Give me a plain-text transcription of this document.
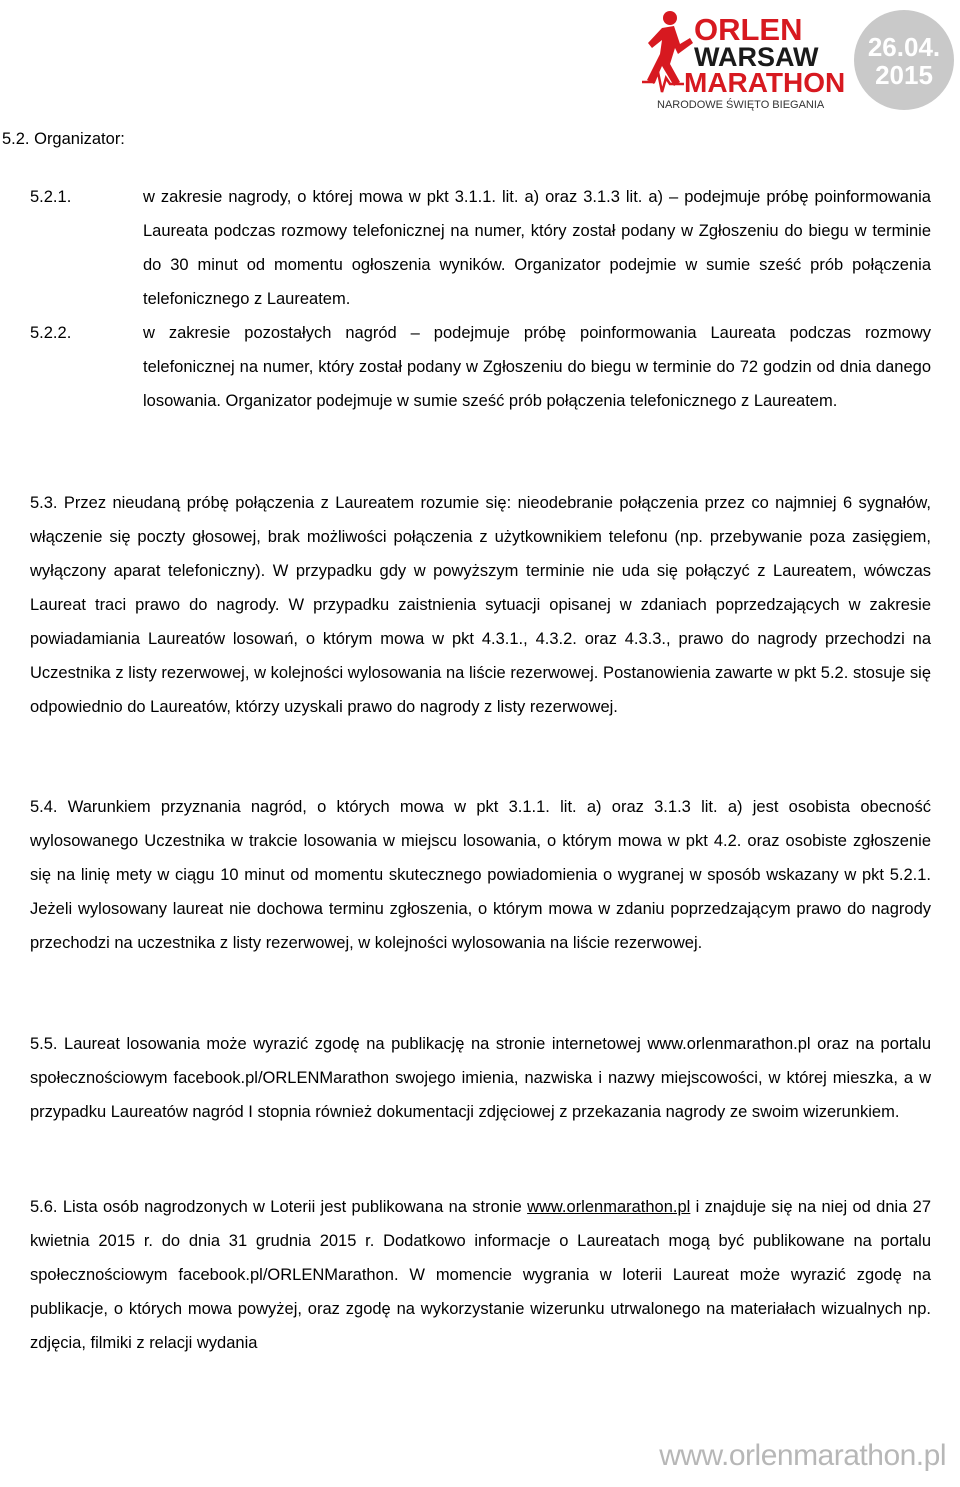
ORLEN
WARSAW
MARATHON
NARODOWE ŚWIĘTO BIEGANIA
26.04.
2015
5.2. Organizator:
5.2.1.	w zakresie nagrody, o której mowa w pkt 3.1.1. lit. a) oraz 3.1.3 lit. a) – podejmuje próbę poinformowania Laureata podczas rozmowy telefonicznej na numer, który został podany w Zgłoszeniu do biegu w terminie do 30 minut od momentu ogłoszenia wyników. Organizator podejmie w sumie sześć prób połączenia telefonicznego z Laureatem.
5.2.2.	w zakresie pozostałych nagród – podejmuje próbę poinformowania Laureata podczas rozmowy telefonicznej na numer, który został podany w Zgłoszeniu do biegu w terminie do 72 godzin od dnia danego losowania. Organizator podejmuje w sumie sześć prób połączenia telefonicznego z Laureatem.
5.3. Przez nieudaną próbę połączenia z Laureatem rozumie się: nieodebranie połączenia przez co najmniej 6 sygnałów, włączenie się poczty głosowej, brak możliwości połączenia z użytkownikiem telefonu (np. przebywanie poza zasięgiem, wyłączony aparat telefoniczny). W przypadku gdy w powyższym terminie nie uda się połączyć z Laureatem, wówczas Laureat traci prawo do nagrody. W przypadku zaistnienia sytuacji opisanej w zdaniach poprzedzających w zakresie powiadamiania Laureatów losowań, o którym mowa w pkt 4.3.1., 4.3.2. oraz 4.3.3., prawo do nagrody przechodzi na Uczestnika z listy rezerwowej, w kolejności wylosowania na liście rezerwowej. Postanowienia zawarte w pkt 5.2. stosuje się odpowiednio do Laureatów, którzy uzyskali prawo do nagrody z listy rezerwowej.
5.4. Warunkiem przyznania nagród, o których mowa w pkt 3.1.1. lit. a) oraz 3.1.3 lit. a) jest osobista obecność wylosowanego Uczestnika w trakcie losowania w miejscu losowania, o którym mowa w pkt 4.2. oraz osobiste zgłoszenie się na linię mety w ciągu 10 minut od momentu skutecznego powiadomienia o wygranej w sposób wskazany w pkt 5.2.1. Jeżeli wylosowany laureat nie dochowa terminu zgłoszenia, o którym mowa w zdaniu poprzedzającym prawo do nagrody przechodzi na uczestnika z listy rezerwowej, w kolejności wylosowania na liście rezerwowej.
5.5. Laureat losowania może wyrazić zgodę na publikację na stronie internetowej www.orlenmarathon.pl oraz na portalu społecznościowym facebook.pl/ORLENMarathon swojego imienia, nazwiska i nazwy miejscowości, w której mieszka, a w przypadku Laureatów nagród I stopnia również dokumentacji zdjęciowej z przekazania nagrody ze swoim wizerunkiem.
5.6. Lista osób nagrodzonych w Loterii jest publikowana na stronie www.orlenmarathon.pl i znajduje się na niej od dnia 27 kwietnia 2015 r. do dnia 31 grudnia 2015 r. Dodatkowo informacje o Laureatach mogą być publikowane na portalu społecznościowym facebook.pl/ORLENMarathon. W momencie wygrania w loterii Laureat może wyrazić zgodę na publikacje, o których mowa powyżej, oraz zgodę na wykorzystanie wizerunku utrwalonego na materiałach wizualnych np. zdjęcia, filmiki z relacji wydania
www.orlenmarathon.pl
